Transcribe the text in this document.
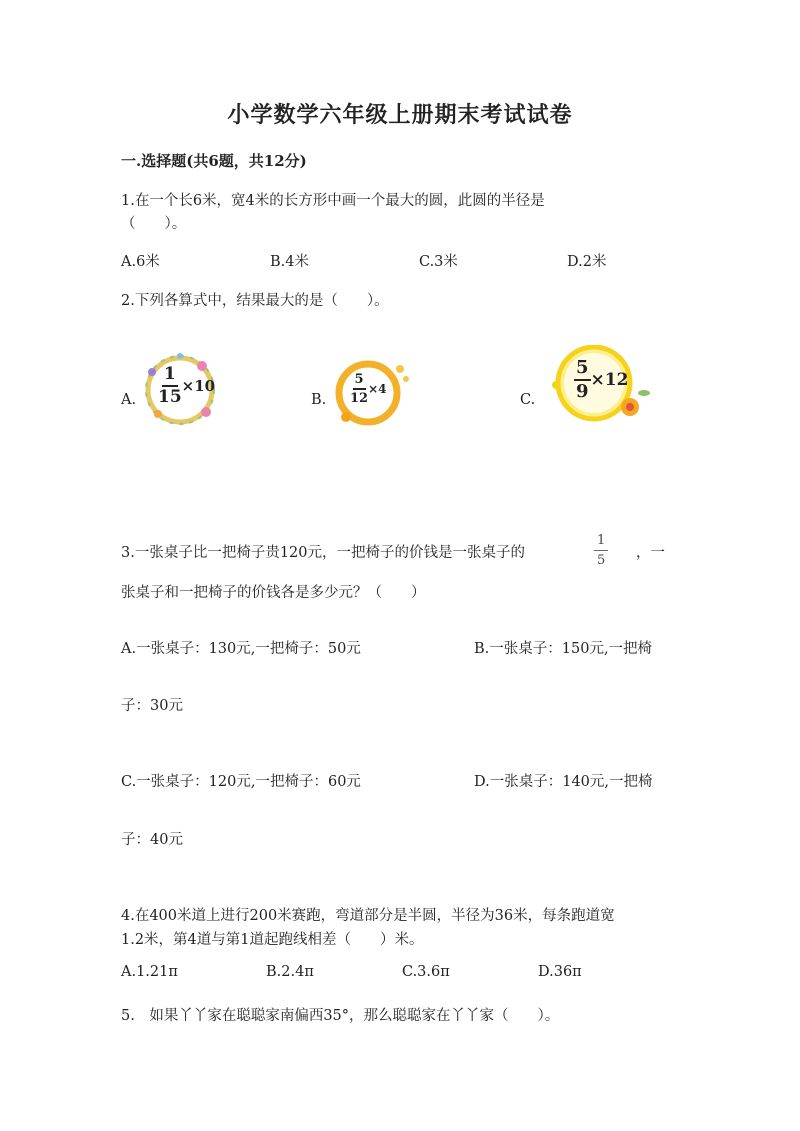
小学数学六年级上册期末考试试卷
一.选择题(共6题，共12分)
1.在一个长6米，宽4米的长方形中画一个最大的圆，此圆的半径是
（　　）。
A.6米	B.4米	C.3米	D.2米
2.下列各算式中，结果最大的是（　　）。
A. $\frac{1}{15} \times 10$
B. $\frac{5}{12} \times 4$
C. $\frac{5}{9} \times 12$
3.一张桌子比一把椅子贵120元，一把椅子的价钱是一张桌子的	$\frac{1}{5}$ ，一
张桌子和一把椅子的价钱各是多少元？（　　）
A.一张桌子：130元,一把椅子：50元	B.一张桌子：150元,一把椅
子：30元
C.一张桌子：120元,一把椅子：60元	D.一张桌子：140元,一把椅
子：40元
4.在400米道上进行200米赛跑，弯道部分是半圆，半径为36米，每条跑道宽
1.2米，第4道与第1道起跑线相差（　　）米。
A.1.21π	B.2.4π	C.3.6π	D.36π
5.　如果丫丫家在聪聪家南偏西35°，那么聪聪家在丫丫家（　　）。
